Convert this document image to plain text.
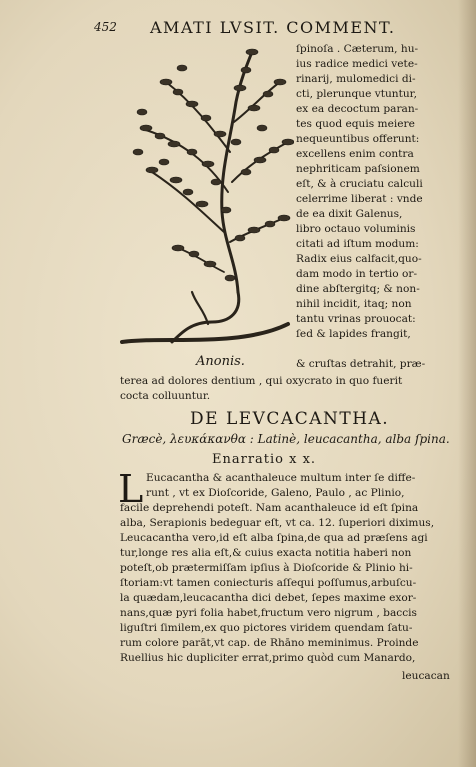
452 AMATI LVSIT. COMMENT.
Anonis.
ſpinoſa . Cæterum, hu-
ius radice medici vete-
rinarij, mulomedici di-
cti, plerunque vtuntur,
ex ea decoctum paran-
tes quod equis meiere
nequeuntibus offerunt:
excellens enim contra
nephriticam paſsionem
eſt, & à cruciatu calculi
celerrime liberat : vnde
de ea dixit Galenus,
libro octauo voluminis
citati ad iſtum modum:
Radix eius calfacit,quo-
dam modo in tertio or-
dine abſtergitq; & non-
nihil incidit, itaq; non
tantu vrinas prouocat:
ſed & lapides frangit,
& cruſtas detrahit, præ-
terea ad dolores dentium , qui oxycrato in quo fuerit
cocta colluuntur.
DE LEVCACANTHA.
Græcè, λευκάκανθα : Latinè, leucacantha, alba ſpina.
Enarratio x x.
L Eucacantha & acanthaleuce multum inter ſe diffe-
runt , vt ex Dioſcoride, Galeno, Paulo , ac Plinio,
facile deprehendi poteſt. Nam acanthaleuce id eſt ſpina
alba, Serapionis bedeguar eſt, vt ca. 12. ſuperiori diximus,
Leucacantha vero,id eſt alba ſpina,de qua ad præſens agi
tur,longe res alia eſt,& cuius exacta notitia haberi non
poteſt,ob prætermiſſam ipſius à Dioſcoride & Plinio hi-
ſtoriam:vt tamen coniecturis aſſequi poſſumus,arbuſcu-
la quædam,leucacantha dici debet, ſepes maxime exor-
nans,quæ pyri folia habet,fructum vero nigrum , baccis
liguſtri ſimilem,ex quo pictores viridem quendam ſatu-
rum colore parāt,vt cap. de Rhāno meminimus. Proinde
Ruellius hic dupliciter errat,primo quòd cum Manardo,
leucacan
